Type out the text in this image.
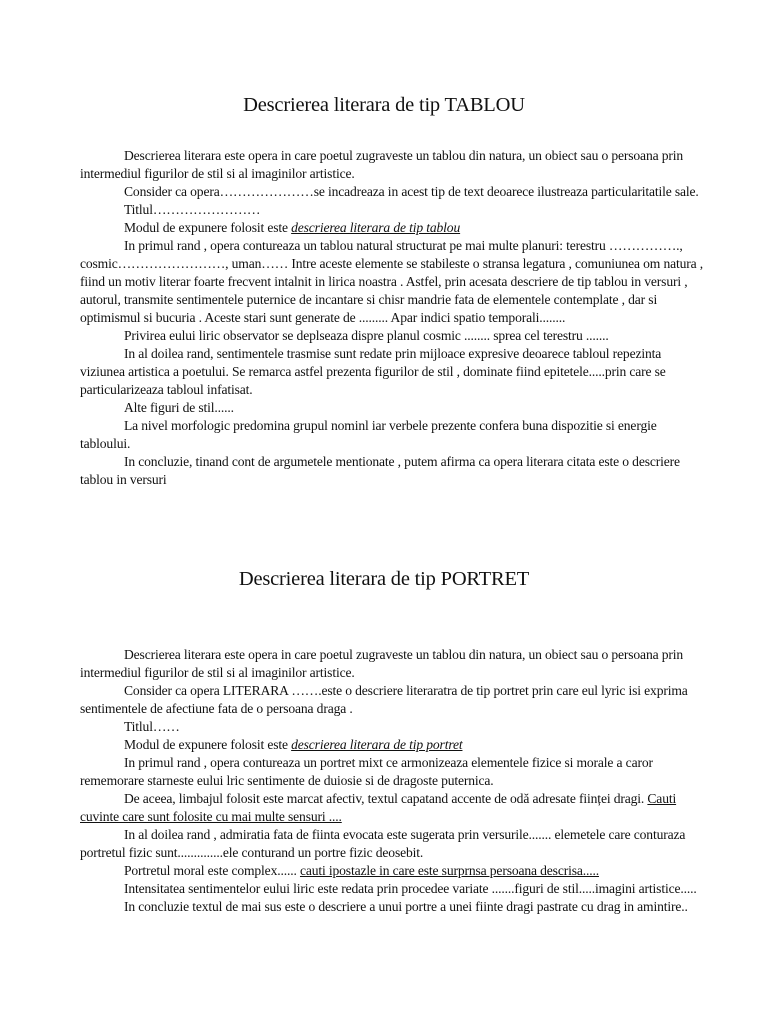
Descrierea literara de tip TABLOU

Descrierea literara este opera in care poetul zugraveste un tablou din natura, un obiect sau o persoana prin intermediul figurilor de stil si al imaginilor artistice.

Consider ca opera…………………se incadreaza in acest tip de text deoarece ilustreaza particularitatile sale.

Titlul……………………

Modul de expunere folosit este descrierea literara de tip tablou

In primul rand , opera contureaza un tablou natural structurat pe mai multe planuri: terestru ……………., cosmic……………………, uman…… Intre aceste elemente se stabileste o stransa legatura , comuniunea om natura , fiind un motiv literar foarte frecvent intalnit in lirica noastra . Astfel, prin acesata descriere de tip tablou in versuri , autorul, transmite sentimentele puternice de incantare si chisr mandrie fata de elementele contemplate , dar si optimismul si bucuria . Aceste stari sunt generate de ......... Apar indici spatio temporali........

Privirea eului liric observator se deplseaza dispre planul cosmic ........ sprea cel terestru .......

In al doilea rand, sentimentele trasmise sunt redate prin mijloace expresive deoarece tabloul repezinta viziunea artistica a poetului. Se remarca astfel prezenta figurilor de stil , dominate fiind epitetele.....prin care se particularizeaza tabloul infatisat.

Alte figuri de stil......

La nivel morfologic predomina grupul nominl iar verbele prezente confera buna dispozitie si energie tabloului.

In concluzie, tinand cont de argumetele mentionate , putem afirma ca opera literara citata este o descriere tablou in versuri

Descrierea literara de tip PORTRET

Descrierea literara este opera in care poetul zugraveste un tablou din natura, un obiect sau o persoana prin intermediul figurilor de stil si al imaginilor artistice.

Consider ca opera LITERARA …….este o descriere literaratra de tip portret prin care eul lyric isi exprima sentimentele de afectiune fata de o persoana draga .

Titlul……

Modul de expunere folosit este descrierea literara de tip portret

In primul rand , opera contureaza un portret mixt ce armonizeaza elementele fizice si morale a caror rememorare starneste eului lric sentimente de duiosie si de dragoste puternica.

De aceea, limbajul folosit este marcat afectiv, textul capatand accente de odă adresate ființei dragi. Cauti cuvinte care sunt folosite cu mai multe sensuri ....

In al doilea rand , admiratia fata de fiinta evocata este sugerata prin versurile....... elemetele care conturaza portretul fizic sunt..............ele conturand un portre fizic deosebit.

Portretul moral este complex...... cauti ipostazle in care este surprnsa persoana descrisa.....

Intensitatea sentimentelor eului liric este redata prin procedee variate .......figuri de stil.....imagini artistice.....

In concluzie textul de mai sus este o descriere a unui portre a unei fiinte dragi pastrate cu drag in amintire..
